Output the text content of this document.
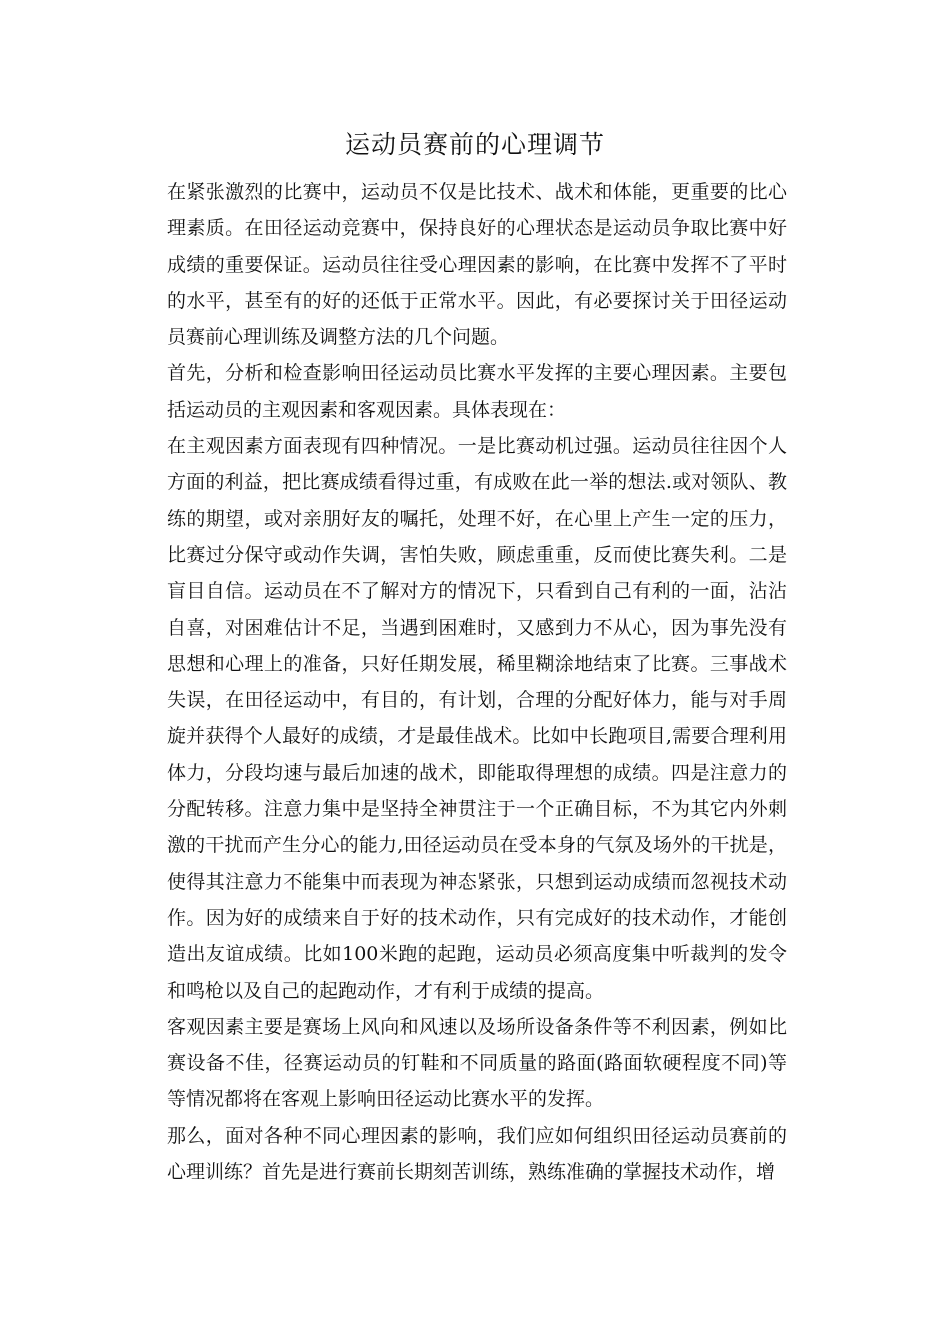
运动员赛前的心理调节

在紧张激烈的比赛中，运动员不仅是比技术、战术和体能，更重要的比心理素质。在田径运动竞赛中，保持良好的心理状态是运动员争取比赛中好成绩的重要保证。运动员往往受心理因素的影响，在比赛中发挥不了平时的水平，甚至有的好的还低于正常水平。因此，有必要探讨关于田径运动员赛前心理训练及调整方法的几个问题。

首先，分析和检查影响田径运动员比赛水平发挥的主要心理因素。主要包括运动员的主观因素和客观因素。具体表现在：

在主观因素方面表现有四种情况。一是比赛动机过强。运动员往往因个人方面的利益，把比赛成绩看得过重，有成败在此一举的想法.或对领队、教练的期望，或对亲朋好友的嘱托，处理不好，在心里上产生一定的压力，比赛过分保守或动作失调，害怕失败，顾虑重重，反而使比赛失利。二是盲目自信。运动员在不了解对方的情况下，只看到自己有利的一面，沾沾自喜，对困难估计不足，当遇到困难时，又感到力不从心，因为事先没有思想和心理上的准备，只好任期发展，稀里糊涂地结束了比赛。三事战术失误，在田径运动中，有目的，有计划，合理的分配好体力，能与对手周旋并获得个人最好的成绩，才是最佳战术。比如中长跑项目,需要合理利用体力，分段均速与最后加速的战术，即能取得理想的成绩。四是注意力的分配转移。注意力集中是坚持全神贯注于一个正确目标，不为其它内外刺激的干扰而产生分心的能力,田径运动员在受本身的气氛及场外的干扰是，使得其注意力不能集中而表现为神态紧张，只想到运动成绩而忽视技术动作。因为好的成绩来自于好的技术动作，只有完成好的技术动作，才能创造出友谊成绩。比如100米跑的起跑，运动员必须高度集中听裁判的发令和鸣枪以及自己的起跑动作，才有利于成绩的提高。

客观因素主要是赛场上风向和风速以及场所设备条件等不利因素，例如比赛设备不佳，径赛运动员的钉鞋和不同质量的路面(路面软硬程度不同)等等情况都将在客观上影响田径运动比赛水平的发挥。

那么，面对各种不同心理因素的影响，我们应如何组织田径运动员赛前的心理训练？首先是进行赛前长期刻苦训练，熟练准确的掌握技术动作，增
